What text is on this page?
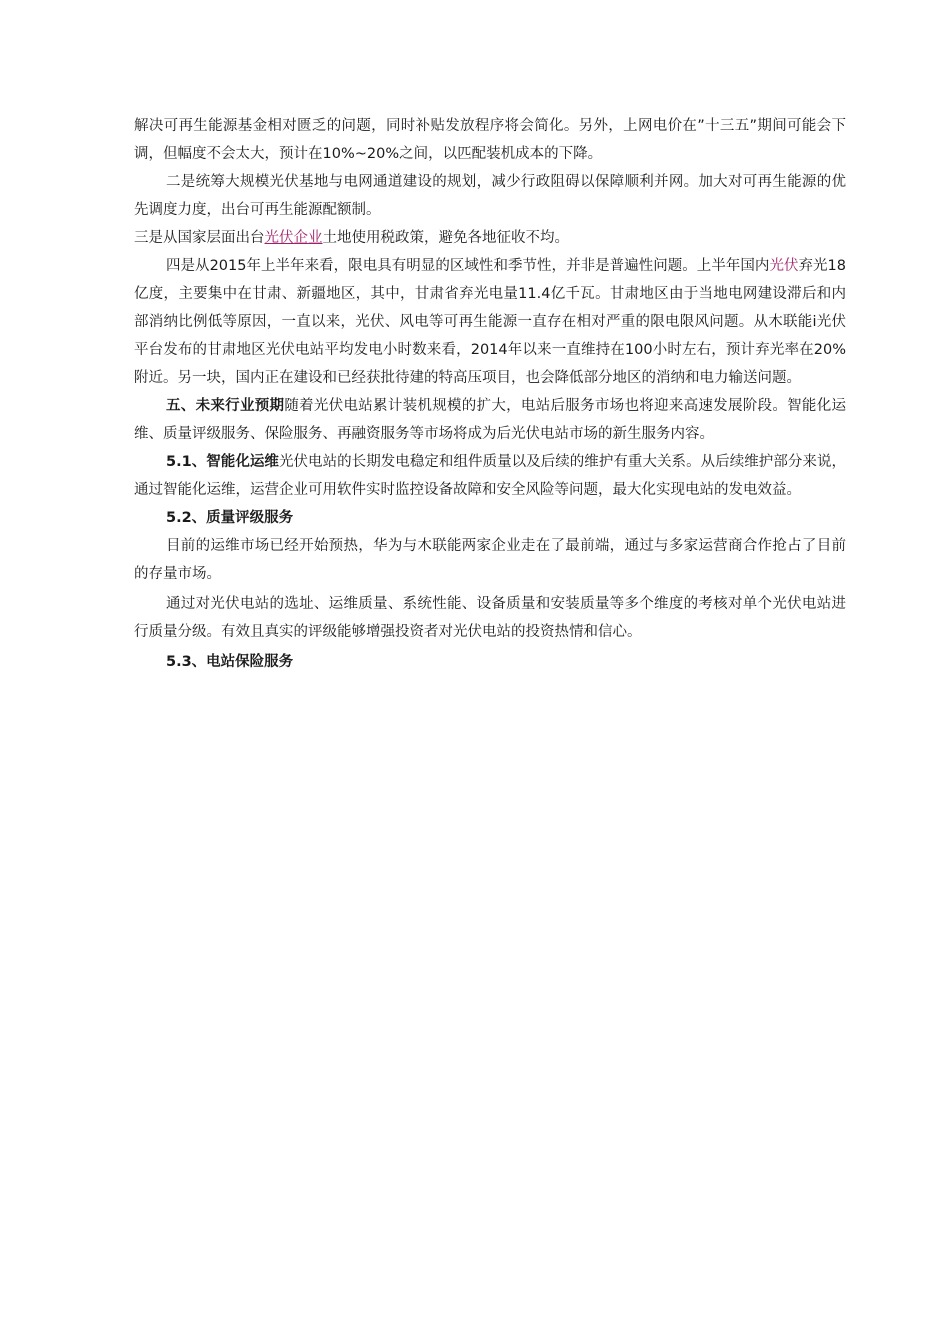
解决可再生能源基金相对匮乏的问题，同时补贴发放程序将会简化。另外，上网电价在”十三五”期间可能会下调，但幅度不会太大，预计在10%~20%之间，以匹配装机成本的下降。

二是统筹大规模光伏基地与电网通道建设的规划，减少行政阻碍以保障顺利并网。加大对可再生能源的优先调度力度，出台可再生能源配额制。

三是从国家层面出台光伏企业土地使用税政策，避免各地征收不均。

四是从2015年上半年来看，限电具有明显的区域性和季节性，并非是普遍性问题。上半年国内光伏弃光18亿度，主要集中在甘肃、新疆地区，其中，甘肃省弃光电量11.4亿千瓦。甘肃地区由于当地电网建设滞后和内部消纳比例低等原因，一直以来，光伏、风电等可再生能源一直存在相对严重的限电限风问题。从木联能i光伏平台发布的甘肃地区光伏电站平均发电小时数来看，2014年以来一直维持在100小时左右，预计弃光率在20%附近。另一块，国内正在建设和已经获批待建的特高压项目，也会降低部分地区的消纳和电力输送问题。

五、未来行业预期随着光伏电站累计装机规模的扩大，电站后服务市场也将迎来高速发展阶段。智能化运维、质量评级服务、保险服务、再融资服务等市场将成为后光伏电站市场的新生服务内容。

5.1、智能化运维光伏电站的长期发电稳定和组件质量以及后续的维护有重大关系。从后续维护部分来说，通过智能化运维，运营企业可用软件实时监控设备故障和安全风险等问题，最大化实现电站的发电效益。

5.2、质量评级服务

目前的运维市场已经开始预热，华为与木联能两家企业走在了最前端，通过与多家运营商合作抢占了目前的存量市场。

通过对光伏电站的选址、运维质量、系统性能、设备质量和安装质量等多个维度的考核对单个光伏电站进行质量分级。有效且真实的评级能够增强投资者对光伏电站的投资热情和信心。

5.3、电站保险服务
